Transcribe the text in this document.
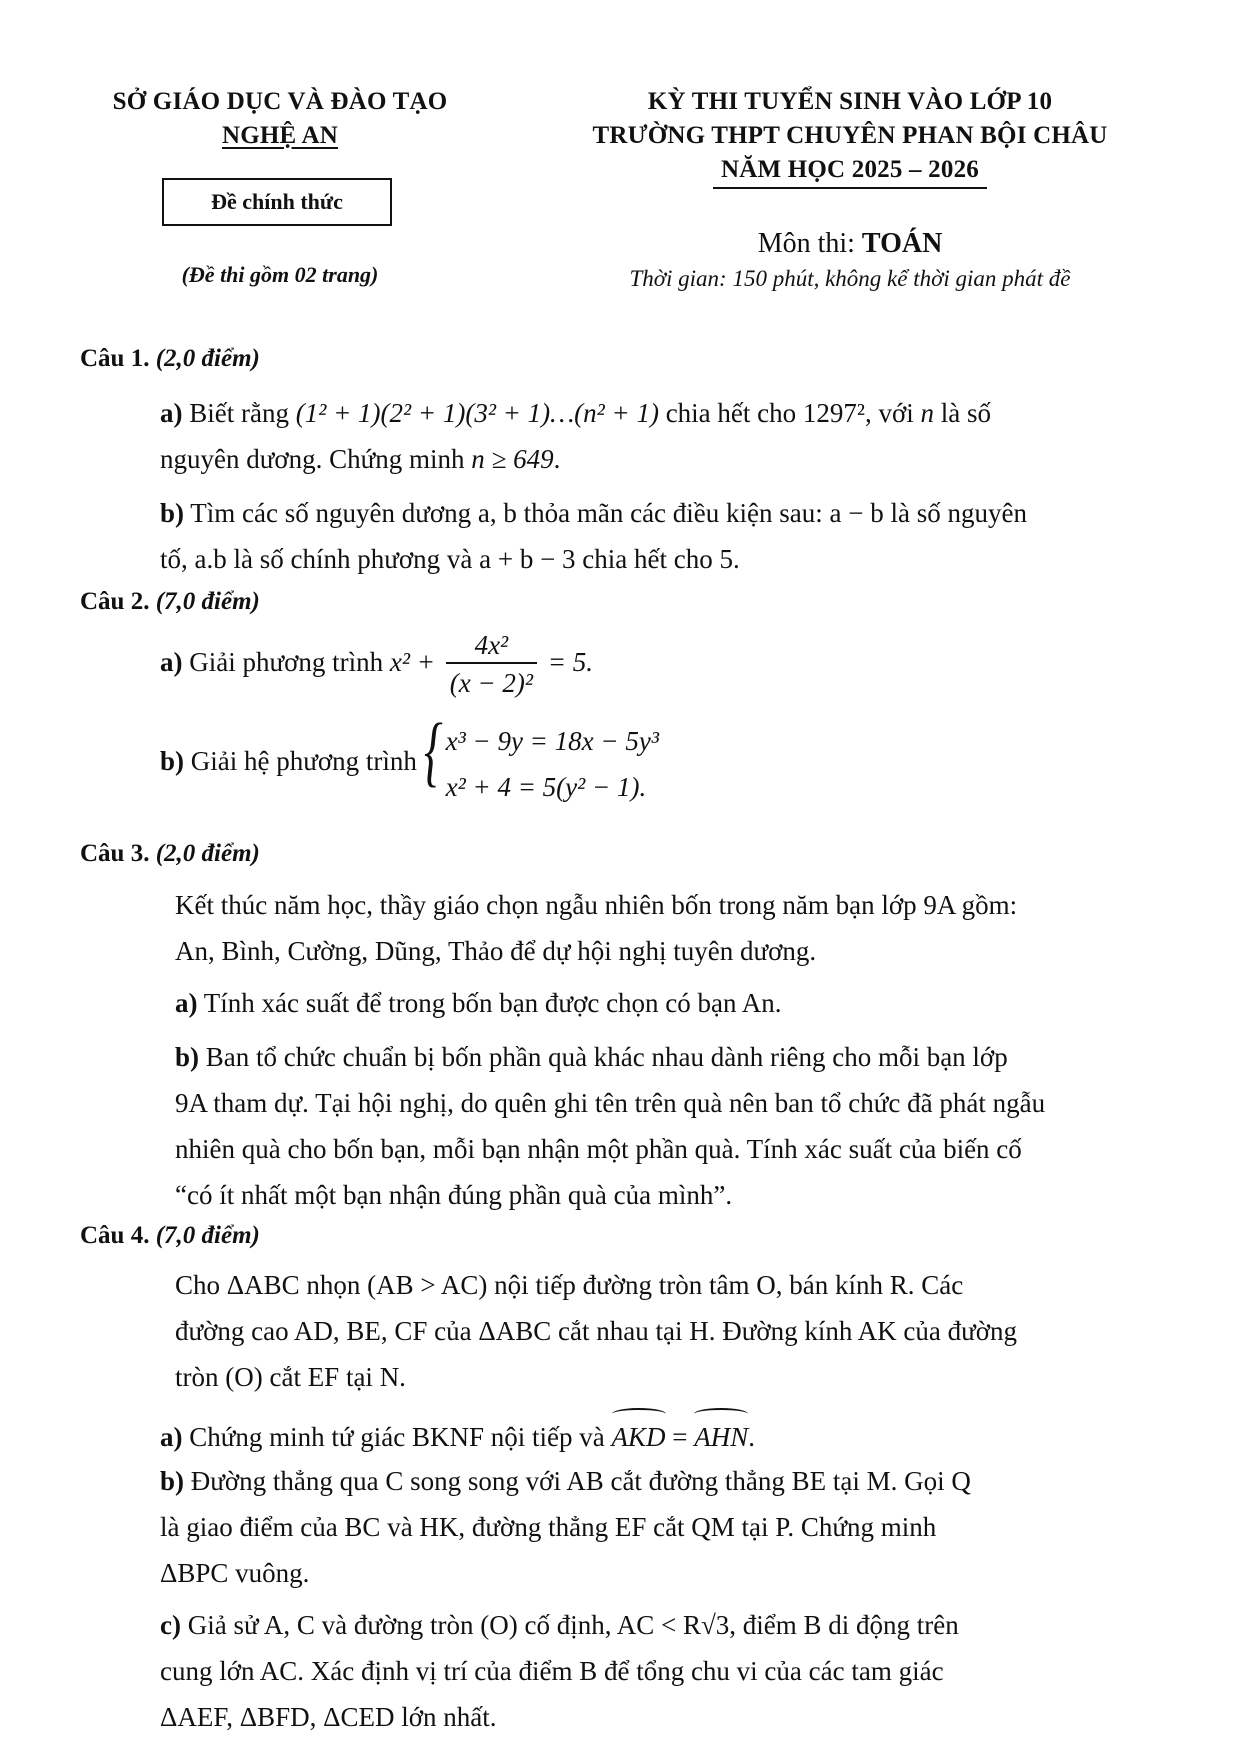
SỞ GIÁO DỤC VÀ ĐÀO TẠO
NGHỆ AN
Đề chính thức
(Đề thi gồm 02 trang)
KỲ THI TUYỂN SINH VÀO LỚP 10
TRƯỜNG THPT CHUYÊN PHAN BỘI CHÂU
NĂM HỌC 2025 – 2026
Môn thi: TOÁN
Thời gian: 150 phút, không kể thời gian phát đề
Câu 1. (2,0 điểm)
a) Biết rằng (1² + 1)(2² + 1)(3² + 1)…(n² + 1) chia hết cho 1297², với n là số
nguyên dương. Chứng minh n ≥ 649.
b) Tìm các số nguyên dương a, b thỏa mãn các điều kiện sau: a − b là số nguyên
tố, a.b là số chính phương và a + b − 3 chia hết cho 5.
Câu 2. (7,0 điểm)
a) Giải phương trình $x^2 + \frac{\text{4x²}}{\text{(x − 2)²}} = 5$.
b) Giải hệ phương trình { x³ − 9y = 18x − 5y³
x² + 4 = 5(y² − 1).
Câu 3. (2,0 điểm)
Kết thúc năm học, thầy giáo chọn ngẫu nhiên bốn trong năm bạn lớp 9A gồm:
An, Bình, Cường, Dũng, Thảo để dự hội nghị tuyên dương.
a) Tính xác suất để trong bốn bạn được chọn có bạn An.
b) Ban tổ chức chuẩn bị bốn phần quà khác nhau dành riêng cho mỗi bạn lớp
9A tham dự. Tại hội nghị, do quên ghi tên trên quà nên ban tổ chức đã phát ngẫu
nhiên quà cho bốn bạn, mỗi bạn nhận một phần quà. Tính xác suất của biến cố
“có ít nhất một bạn nhận đúng phần quà của mình”.
Câu 4. (7,0 điểm)
Cho ΔABC nhọn (AB > AC) nội tiếp đường tròn tâm O, bán kính R. Các
đường cao AD, BE, CF của ΔABC cắt nhau tại H. Đường kính AK của đường
tròn (O) cắt EF tại N.
a) Chứng minh tứ giác BKNF nội tiếp và AKD = AHN.
b) Đường thẳng qua C song song với AB cắt đường thẳng BE tại M. Gọi Q
là giao điểm của BC và HK, đường thẳng EF cắt QM tại P. Chứng minh
ΔBPC vuông.
c) Giả sử A, C và đường tròn (O) cố định, AC < R√3, điểm B di động trên
cung lớn AC. Xác định vị trí của điểm B để tổng chu vi của các tam giác
ΔAEF, ΔBFD, ΔCED lớn nhất.
